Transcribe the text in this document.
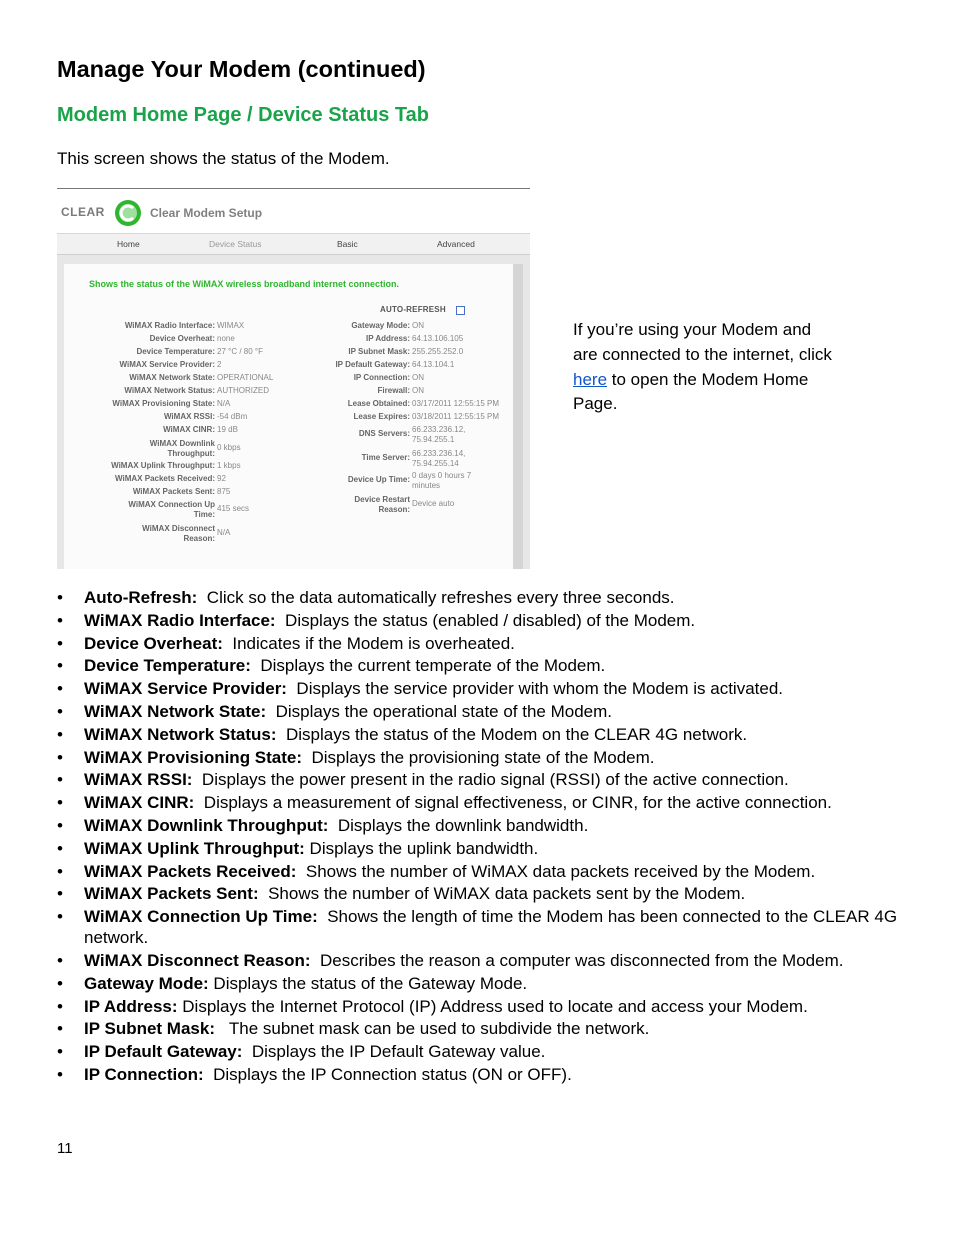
Manage Your Modem (continued)
Modem Home Page / Device Status Tab

This screen shows the status of the Modem.

CLEAR	Clear Modem Setup
Home	Device Status	Basic	Advanced
Shows the status of the WiMAX wireless broadband internet connection.
AUTO-REFRESH
WiMAX Radio Interface: WIMAX
Device Overheat: none
Device Temperature: 27 °C / 80 °F
WiMAX Service Provider: 2
WiMAX Network State: OPERATIONAL
WiMAX Network Status: AUTHORIZED
WiMAX Provisioning State: N/A
WiMAX RSSI: -54 dBm
WiMAX CINR: 19 dB
WiMAX Downlink
Throughput:
0 kbps
WiMAX Uplink Throughput: 1 kbps
WiMAX Packets Received: 92
WiMAX Packets Sent: 875
WiMAX Connection Up
Time:
415 secs
WiMAX Disconnect
Reason:
N/A
Gateway Mode: ON
IP Address: 64.13.106.105
IP Subnet Mask: 255.255.252.0
IP Default Gateway: 64.13.104.1
IP Connection: ON
Firewall: ON
Lease Obtained: 03/17/2011 12:55:15 PM
Lease Expires: 03/18/2011 12:55:15 PM
DNS Servers: 66.233.236.12,
75.94.255.1
Time Server: 66.233.236.14,
75.94.255.14
Device Up Time: 0 days 0 hours 7
minutes
Device Restart
Reason:
Device auto

If you’re using your Modem and are connected to the internet, click here to open the Modem Home Page.

• Auto-Refresh:  Click so the data automatically refreshes every three seconds.
• WiMAX Radio Interface:  Displays the status (enabled / disabled) of the Modem.
• Device Overheat:  Indicates if the Modem is overheated.
• Device Temperature:  Displays the current temperate of the Modem.
• WiMAX Service Provider:  Displays the service provider with whom the Modem is activated.
• WiMAX Network State:  Displays the operational state of the Modem.
• WiMAX Network Status:  Displays the status of the Modem on the CLEAR 4G network.
• WiMAX Provisioning State:  Displays the provisioning state of the Modem.
• WiMAX RSSI:  Displays the power present in the radio signal (RSSI) of the active connection.
• WiMAX CINR:  Displays a measurement of signal effectiveness, or CINR, for the active connection.
• WiMAX Downlink Throughput:  Displays the downlink bandwidth.
• WiMAX Uplink Throughput: Displays the uplink bandwidth.
• WiMAX Packets Received:  Shows the number of WiMAX data packets received by the Modem.
• WiMAX Packets Sent:  Shows the number of WiMAX data packets sent by the Modem.
• WiMAX Connection Up Time:  Shows the length of time the Modem has been connected to the CLEAR 4G network.
• WiMAX Disconnect Reason:  Describes the reason a computer was disconnected from the Modem.
• Gateway Mode: Displays the status of the Gateway Mode.
• IP Address: Displays the Internet Protocol (IP) Address used to locate and access your Modem.
• IP Subnet Mask:   The subnet mask can be used to subdivide the network.
• IP Default Gateway:  Displays the IP Default Gateway value.
• IP Connection:  Displays the IP Connection status (ON or OFF).

11
